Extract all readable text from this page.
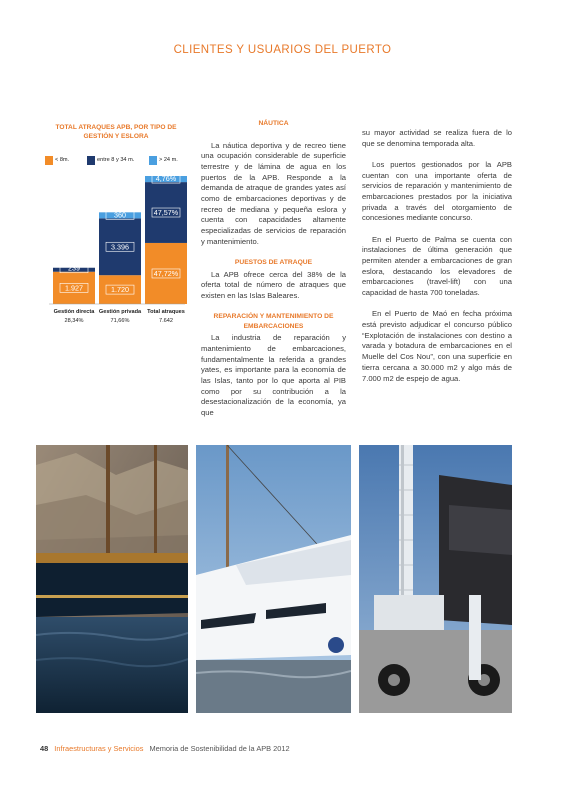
CLIENTES Y USUARIOS DEL PUERTO
TOTAL ATRAQUES APB, POR TIPO DE GESTIÓN Y ESLORA
< 8m.	entre 8 y 34 m.	> 24 m.
1.927
239
Gestión directa
28,34%
1.720
3.396
360
Gestión privada
71,66%
47,72%
47,57%
4,76%
Total atraques
7.642
NÁUTICA

La náutica deportiva y de recreo tiene una ocupación considerable de superficie terrestre y de lámina de agua en los puertos de la APB. Responde a la demanda de atraque de grandes yates así como de embarcaciones deportivas y de recreo de mediana y pequeña eslora y cuenta con capacidades altamente especializadas de servicios de reparación y mantenimiento.

PUESTOS DE ATRAQUE

La APB ofrece cerca del 38% de la oferta total de número de atraques que existen en las Islas Baleares.

REPARACIÓN Y MANTENIMIENTO DE EMBARCACIONES

La industria de reparación y mantenimiento de embarcaciones, fundamentalmente la referida a grandes yates, es importante para la economía de las Islas, tanto por lo que aporta al PIB como por su contribución a la desestacionalización de la economía, ya que

su mayor actividad se realiza fuera de lo que se denomina temporada alta.

Los puertos gestionados por la APB cuentan con una importante oferta de servicios de reparación y mantenimiento de embarcaciones prestados por la iniciativa privada a través del otorgamiento de concesiones mediante concurso.

En el Puerto de Palma se cuenta con instalaciones de última generación que permiten atender a embarcaciones de gran eslora, destacando los elevadores de embarcaciones (travel-lift) con una capacidad de hasta 700 toneladas.

En el Puerto de Maó en fecha próxima está previsto adjudicar el concurso público “Explotación de instalaciones con destino a varada y botadura de embarcaciones en el Muelle del Cos Nou”, con una superficie en tierra cercana a 30.000 m2 y algo más de 7.000 m2 de espejo de agua.

48 Infraestructuras y Servicios Memoria de Sostenibilidad de la APB 2012
